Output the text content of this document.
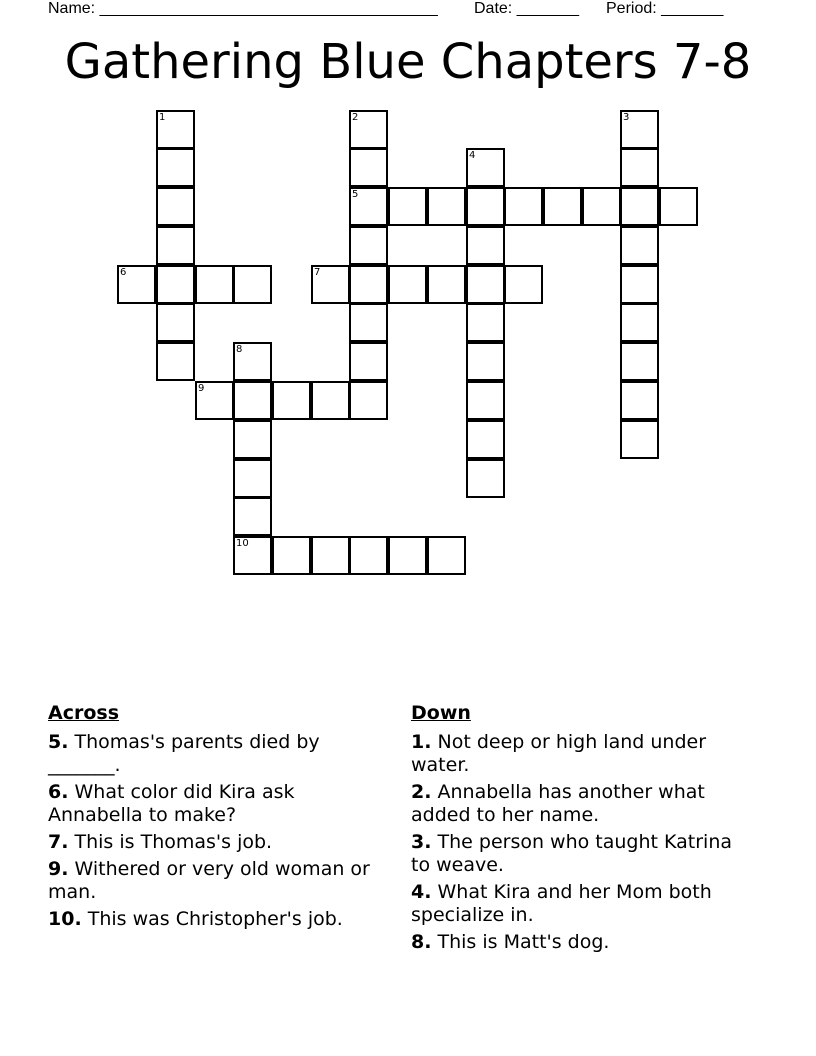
Name: ______________________________________ Date: _______ Period: _______
Gathering Blue Chapters 7-8
1
6
2
5
3
4
7
8
10
9
Across
5. Thomas's parents died by _______.
6. What color did Kira ask Annabella to make?
7. This is Thomas's job.
9. Withered or very old woman or man.
10. This was Christopher's job.
Down
1. Not deep or high land under water.
2. Annabella has another what added to her name.
3. The person who taught Katrina to weave.
4. What Kira and her Mom both specialize in.
8. This is Matt's dog.
